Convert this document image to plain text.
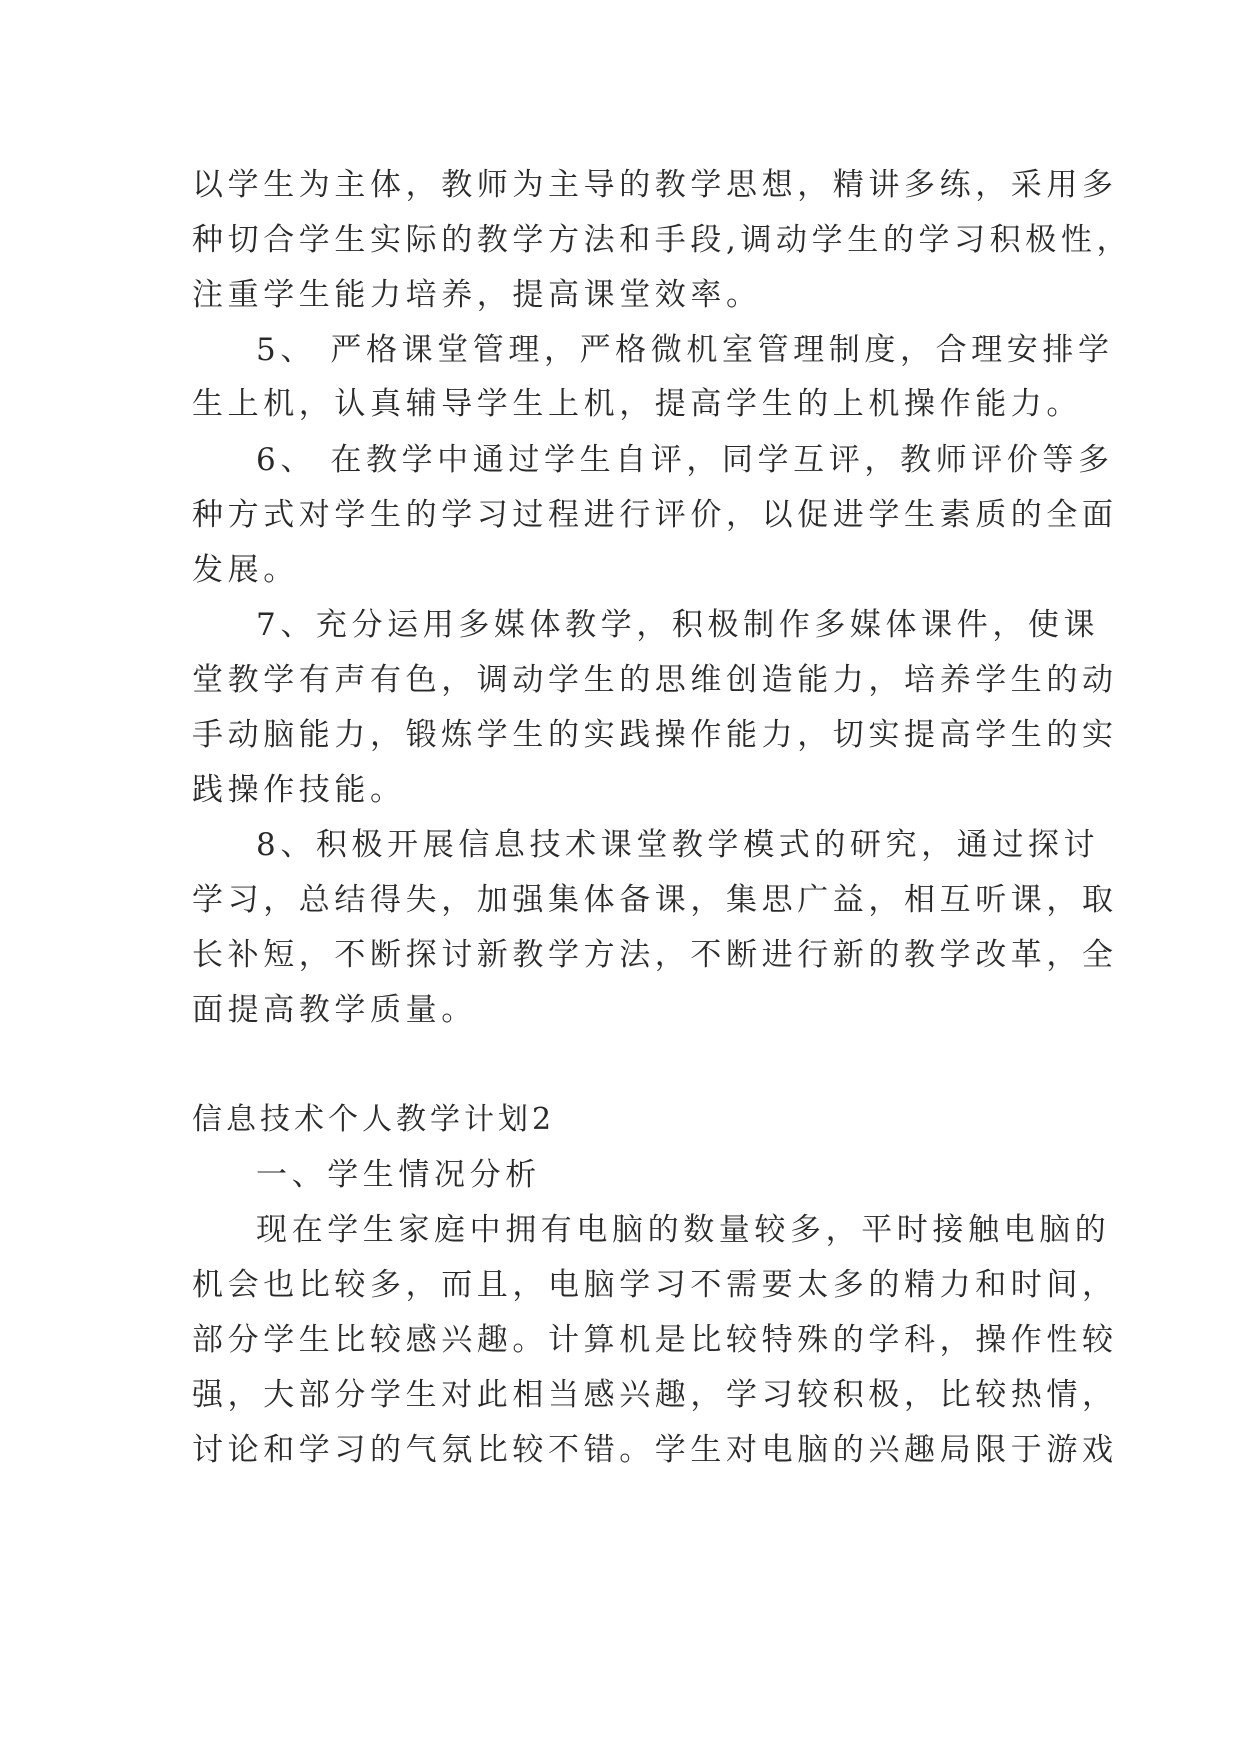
以学生为主体，教师为主导的教学思想，精讲多练，采用多
种切合学生实际的教学方法和手段,调动学生的学习积极性，
注重学生能力培养，提高课堂效率。
5、 严格课堂管理，严格微机室管理制度，合理安排学
生上机，认真辅导学生上机，提高学生的上机操作能力。
6、 在教学中通过学生自评，同学互评，教师评价等多
种方式对学生的学习过程进行评价，以促进学生素质的全面
发展。
7、充分运用多媒体教学，积极制作多媒体课件，使课
堂教学有声有色，调动学生的思维创造能力，培养学生的动
手动脑能力，锻炼学生的实践操作能力，切实提高学生的实
践操作技能。
8、积极开展信息技术课堂教学模式的研究，通过探讨
学习，总结得失，加强集体备课，集思广益，相互听课，取
长补短，不断探讨新教学方法，不断进行新的教学改革，全
面提高教学质量。
信息技术个人教学计划2
一、学生情况分析
现在学生家庭中拥有电脑的数量较多，平时接触电脑的
机会也比较多，而且，电脑学习不需要太多的精力和时间，
部分学生比较感兴趣。计算机是比较特殊的学科，操作性较
强，大部分学生对此相当感兴趣，学习较积极，比较热情，
讨论和学习的气氛比较不错。学生对电脑的兴趣局限于游戏
